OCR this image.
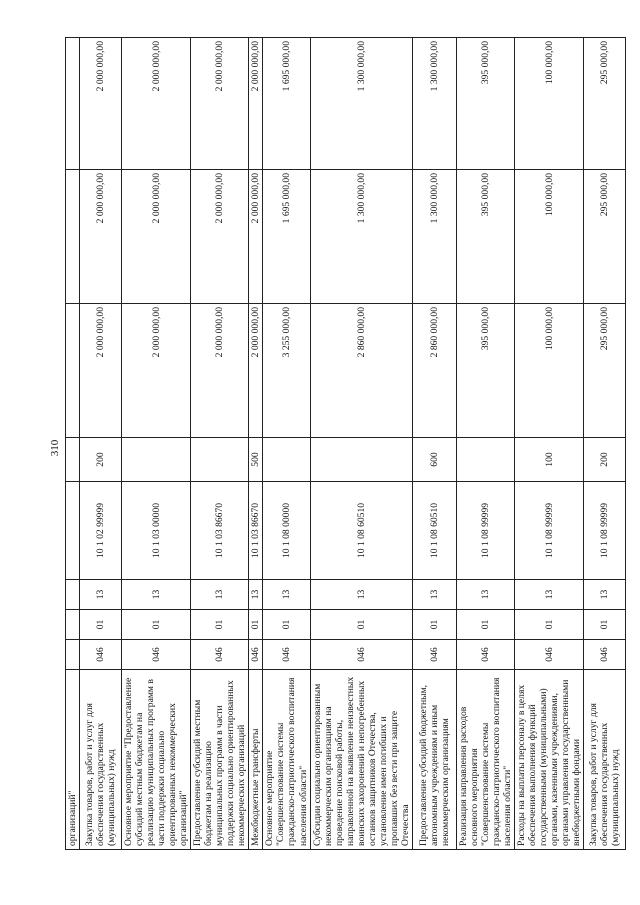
310
организаций"								
Закупка товаров, работ и услуг для обеспечения государственных (муниципальных) нужд	046	01	13	10 1 02 99999	200	2 000 000,00	2 000 000,00	2 000 000,00
Основное мероприятие "Предоставление субсидий местным бюджетам на реализацию муниципальных программ в части поддержки социально ориентированных некоммерческих организаций"	046	01	13	10 1 03 00000		2 000 000,00	2 000 000,00	2 000 000,00
Предоставление субсидий местным бюджетам на реализацию муниципальных программ в части поддержки социально ориентированных некоммерческих организаций	046	01	13	10 1 03 86670		2 000 000,00	2 000 000,00	2 000 000,00
Межбюджетные трансферты	046	01	13	10 1 03 86670	500	2 000 000,00	2 000 000,00	2 000 000,00
Основное мероприятие "Совершенствование системы гражданско-патриотического воспитания населения области"	046	01	13	10 1 08 00000		3 255 000,00	1 695 000,00	1 695 000,00
Субсидии социально ориентированным некоммерческим организациям на проведение поисковой работы, направленной на выявление неизвестных воинских захоронений и непогребенных останков защитников Отечества, установление имен погибших и пропавших без вести при защите Отечества	046	01	13	10 1 08 60510		2 860 000,00	1 300 000,00	1 300 000,00
Предоставление субсидий бюджетным, автономным учреждениям и иным некоммерческим организациям	046	01	13	10 1 08 60510	600	2 860 000,00	1 300 000,00	1 300 000,00
Реализация направления расходов основного мероприятия "Совершенствование системы гражданско-патриотического воспитания населения области"	046	01	13	10 1 08 99999		395 000,00	395 000,00	395 000,00
Расходы на выплаты персоналу в целях обеспечения выполнения функций государственными (муниципальными) органами, казенными учреждениями, органами управления государственными внебюджетными фондами	046	01	13	10 1 08 99999	100	100 000,00	100 000,00	100 000,00
Закупка товаров, работ и услуг для обеспечения государственных (муниципальных) нужд	046	01	13	10 1 08 99999	200	295 000,00	295 000,00	295 000,00
